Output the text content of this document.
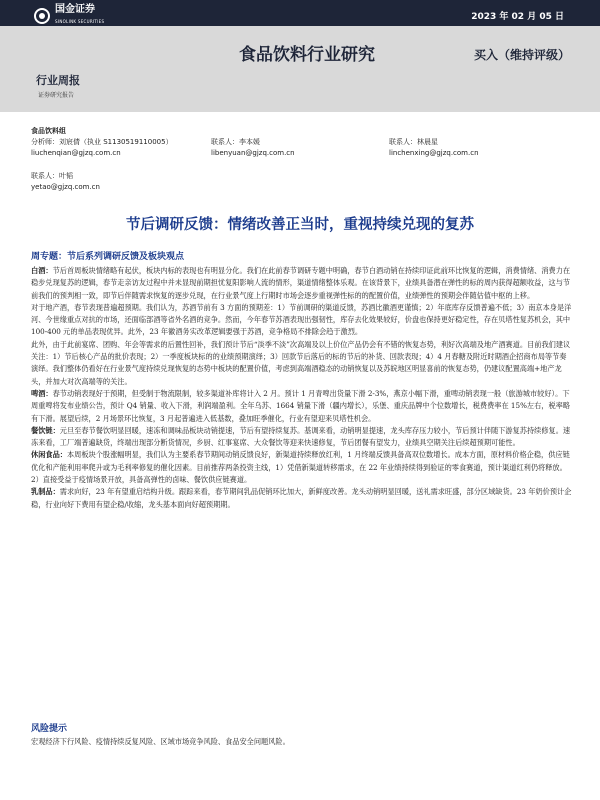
国金证券
SINOLINK SECURITIES	2023 年 02 月 05 日
食品饮料行业研究	买入（维持评级）
行业周报
证券研究报告
食品饮料组
分析师：刘宸倩（执业 S1130519110005）	联系人：李本媛	联系人：林晨星
liuchenqian@gjzq.com.cn	libenyuan@gjzq.com.cn	linchenxing@gjzq.com.cn
联系人：叶韬
yetao@gjzq.com.cn
节后调研反馈：情绪改善正当时，重视持续兑现的复苏
周专题：节后系列调研反馈及板块观点

白酒：节后首周板块情绪略有起伏，板块内标的表现也有明显分化。我们在此前春节调研专题中明确，春节白酒动销在持续印证此前环比恢复的逻辑，消费情绪、消费力在稳步兑现复苏的逻辑，春节走亲访友过程中并未显现前期担忧复阳影响人流的情形，渠道情绪整体乐观。在该背景下，业绩具备潜在弹性的标的周内获得超额收益，这与节前我们的预判相一致，即节后伴随需求恢复的逐步兑现，在行业景气度上行期时市场会逐步重视弹性标的的配置价值，业绩弹性的预期会伴随估值中枢的上移。

对于地产酒，春节表现普遍超预期。我们认为，苏酒节前有 3 方面的预期差：1）节前调研的渠道反馈，苏酒比徽酒更谨慎；2）年底库存反馈普遍不低；3）南京本身是洋河、今世缘重点对抗的市场，还面临部酒等省外名酒的竞争。然而，今年春节苏酒表现出强韧性，库存去化效果较好，价盘也保持更好稳定性，存在贝塔性复苏机会，其中 100-400 元的单品表现优异。此外，23 年徽酒务实改革逻辑要强于苏酒，竞争格局不排除会趋于激烈。

此外，由于此前宴席、团购、年会等需求的后置性回补，我们预计节后“淡季不淡”次高端及以上价位产品仍会有不错的恢复态势，利好次高端及地产酒赛道。目前我们建议关注：1）节后核心产品的批价表现；2）一季度板块标的的业绩预期演绎；3）回款节后落后的标的节后的补货、回款表现；4）4 月春糖及附近时期酒企招商布局等节奏演绎。我们整体仍看好在行业景气度持续兑现恢复的态势中板块的配置价值，考虑到高端酒稳态的动销恢复以及苏皖地区明显喜前的恢复态势，仍建议配置高端+地产龙头，并加大对次高端等的关注。

啤酒：春节动销表现好于预期，但受制于物流限制，较多渠道补库将计入 2 月。预计 1 月青啤出货量下滑 2-3%，燕京小幅下滑，重啤动销表现一般（旅游城市较好）。下周重啤将发布业绩公告，预计 Q4 销量、收入下滑，利润端盈利。全年乌苏、1664 销量下滑（疆内增长），乐堡、重庆品牌中个位数增长，税费费率在 15%左右，税率略有下滑。展望后续，2 月场景环比恢复，3 月起普遍进入低基数，叠加旺季催化，行业有望迎来贝塔性机会。

餐饮链：元旦至春节餐饮明显回暖，速冻和调味品板块动销提速，节后有望持续复苏。基调来看，动销明显提速，龙头库存压力较小，节后预计伴随下游复苏持续修复。速冻来看，工厂端普遍缺货，终端出现部分断货情况，乡厨、红事宴席、大众餐饮等迎来快速修复，节后团餐有望发力，业绩具空期关注后续超预期可能性。

休闲食品：本周板块个股涨幅明显，我们认为主要系春节期间动销反馈良好，新渠道持续释放红利，1 月终端反馈具备高双位数增长。成本方面，原材料价格企稳，供应链优化和产能利用率爬升或为毛利率修复的催化因素。目前推荐两条投资主线，1）凭借新渠道转移需求，在 22 年业绩持续得到验证的零食赛道，预计渠道红利仍将释放。2）直接受益于疫情场景开放，具备高弹性的卤味、餐饮供应链赛道。

乳制品：需求向好，23 年有望重启结构升级。跟踪来看，春节期间乳品促销环比加大，新鲜度改善。龙头动销明显回暖，送礼需求旺盛，部分区域缺货。23 年奶价预计企稳，行业向好下费用有望企稳/收缩，龙头基本面向好超预期期。

风险提示
宏观经济下行风险、疫情持续反复风险、区域市场竞争风险、食品安全问题风险。
